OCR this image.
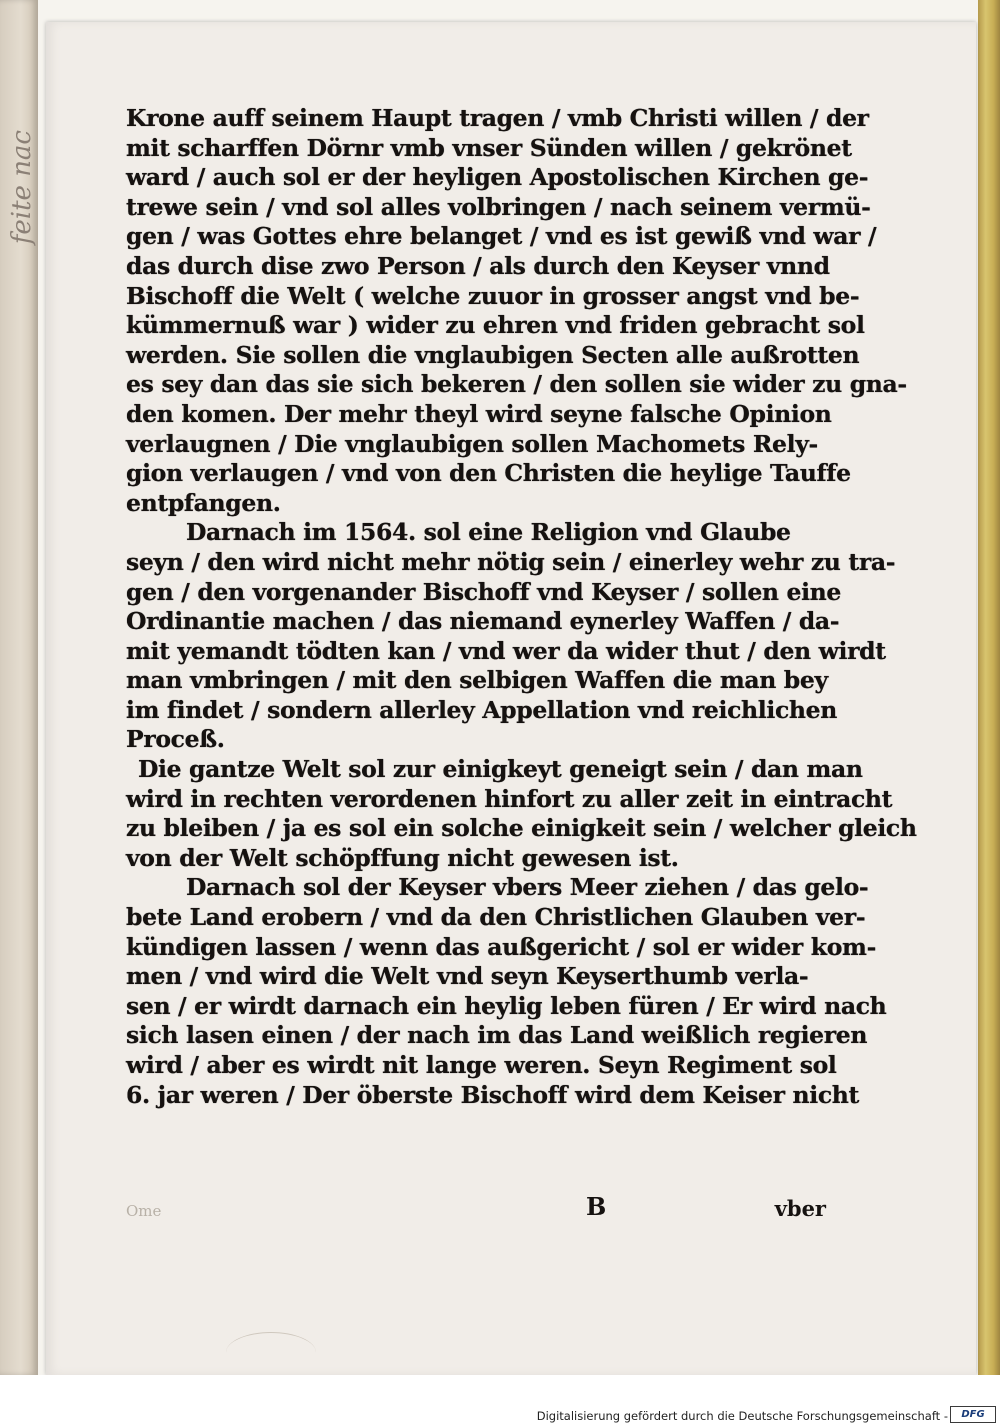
feite nac
Krone auff seinem Haupt tragen / vmb Christi willen / der
mit scharffen Dörnr vmb vnser Sünden willen / gekrönet
ward / auch sol er der heyligen Apostolischen Kirchen ge-
trewe sein / vnd sol alles volbringen / nach seinem vermü-
gen / was Gottes ehre belanget / vnd es ist gewiß vnd war /
das durch dise zwo Person / als durch den Keyser vnnd
Bischoff die Welt ( welche zuuor in grosser angst vnd be-
kümmernuß war ) wider zu ehren vnd friden gebracht sol
werden. Sie sollen die vnglaubigen Secten alle außrotten
es sey dan das sie sich bekeren / den sollen sie wider zu gna-
den komen. Der mehr theyl wird seyne falsche Opinion
verlaugnen / Die vnglaubigen sollen Machomets Rely-
gion verlaugen / vnd von den Christen die heylige Tauffe
entpfangen.
Darnach im 1564. sol eine Religion vnd Glaube
seyn / den wird nicht mehr nötig sein / einerley wehr zu tra-
gen / den vorgenander Bischoff vnd Keyser / sollen eine
Ordinantie machen / das niemand eynerley Waffen / da-
mit yemandt tödten kan / vnd wer da wider thut / den wirdt
man vmbringen / mit den selbigen Waffen die man bey
im findet / sondern allerley Appellation vnd reichlichen
Proceß.
Die gantze Welt sol zur einigkeyt geneigt sein / dan man
wird in rechten verordenen hinfort zu aller zeit in eintracht
zu bleiben / ja es sol ein solche einigkeit sein / welcher gleich
von der Welt schöpffung nicht gewesen ist.
Darnach sol der Keyser vbers Meer ziehen / das gelo-
bete Land erobern / vnd da den Christlichen Glauben ver-
kündigen lassen / wenn das außgericht / sol er wider kom-
men / vnd wird die Welt vnd seyn Keyserthumb verla-
sen / er wirdt darnach ein heylig leben füren / Er wird nach
sich lasen einen / der nach im das Land weißlich regieren
wird / aber es wirdt nit lange weren. Seyn Regiment sol
6. jar weren / Der öberste Bischoff wird dem Keiser nicht
Ome	B	vber
Digitalisierung gefördert durch die Deutsche Forschungsgemeinschaft -	DFG
